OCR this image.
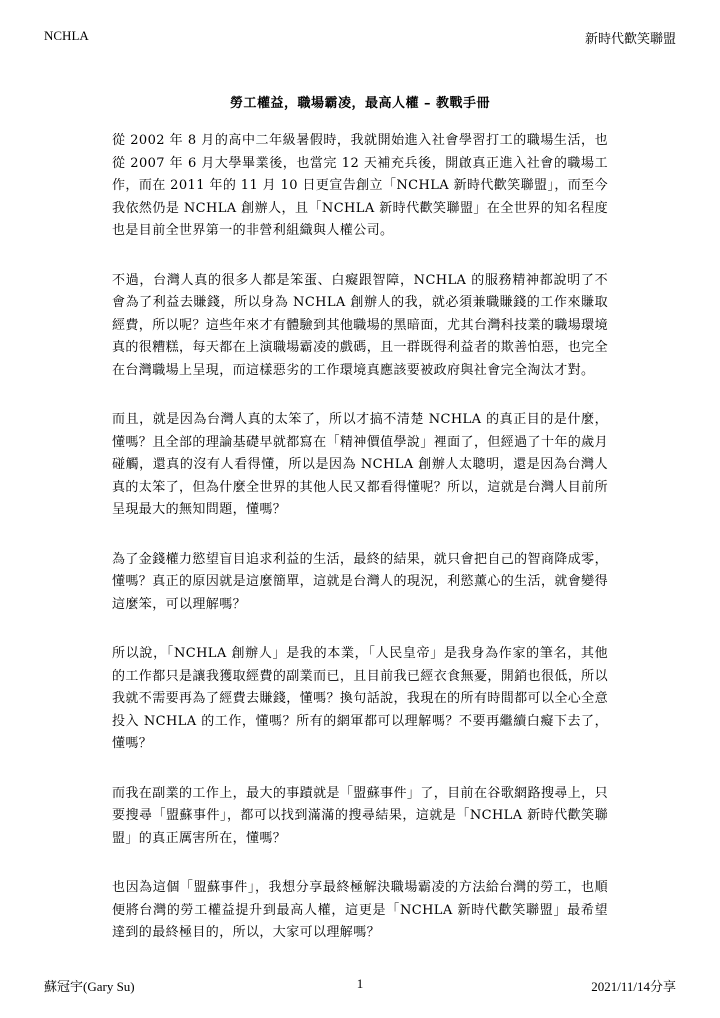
NCHLA	新時代歡笑聯盟
勞工權益，職場霸凌，最高人權 – 教戰手冊

從 2002 年 8 月的高中二年級暑假時，我就開始進入社會學習打工的職場生活，也從 2007 年 6 月大學畢業後，也當完 12 天補充兵後，開啟真正進入社會的職場工作，而在 2011 年的 11 月 10 日更宣告創立「NCHLA 新時代歡笑聯盟」，而至今我依然仍是 NCHLA 創辦人，且「NCHLA 新時代歡笑聯盟」在全世界的知名程度也是目前全世界第一的非營利組織與人權公司。

不過，台灣人真的很多人都是笨蛋、白癡跟智障，NCHLA 的服務精神都說明了不會為了利益去賺錢，所以身為 NCHLA 創辦人的我，就必須兼職賺錢的工作來賺取經費，所以呢？這些年來才有體驗到其他職場的黑暗面，尤其台灣科技業的職場環境真的很糟糕，每天都在上演職場霸凌的戲碼，且一群既得利益者的欺善怕惡，也完全在台灣職場上呈現，而這樣惡劣的工作環境真應該要被政府與社會完全淘汰才對。

而且，就是因為台灣人真的太笨了，所以才搞不清楚 NCHLA 的真正目的是什麼，懂嗎？且全部的理論基礎早就都寫在「精神價值學說」裡面了，但經過了十年的歲月碰觸，還真的沒有人看得懂，所以是因為 NCHLA 創辦人太聰明，還是因為台灣人真的太笨了，但為什麼全世界的其他人民又都看得懂呢？所以，這就是台灣人目前所呈現最大的無知問題，懂嗎？

為了金錢權力慾望盲目追求利益的生活，最終的結果，就只會把自己的智商降成零，懂嗎？真正的原因就是這麼簡單，這就是台灣人的現況，利慾薰心的生活，就會變得這麼笨，可以理解嗎？

所以說，「NCHLA 創辦人」是我的本業，「人民皇帝」是我身為作家的筆名，其他的工作都只是讓我獲取經費的副業而已，且目前我已經衣食無憂，開銷也很低，所以我就不需要再為了經費去賺錢，懂嗎？換句話說，我現在的所有時間都可以全心全意投入 NCHLA 的工作，懂嗎？所有的網軍都可以理解嗎？不要再繼續白癡下去了，懂嗎？

而我在副業的工作上，最大的事蹟就是「盟蘇事件」了，目前在谷歌網路搜尋上，只要搜尋「盟蘇事件」，都可以找到滿滿的搜尋結果，這就是「NCHLA 新時代歡笑聯盟」的真正厲害所在，懂嗎？

也因為這個「盟蘇事件」，我想分享最終極解決職場霸凌的方法給台灣的勞工，也順便將台灣的勞工權益提升到最高人權，這更是「NCHLA 新時代歡笑聯盟」最希望達到的最終極目的，所以，大家可以理解嗎？

蘇冠宇(Gary Su)	1	2021/11/14分享
